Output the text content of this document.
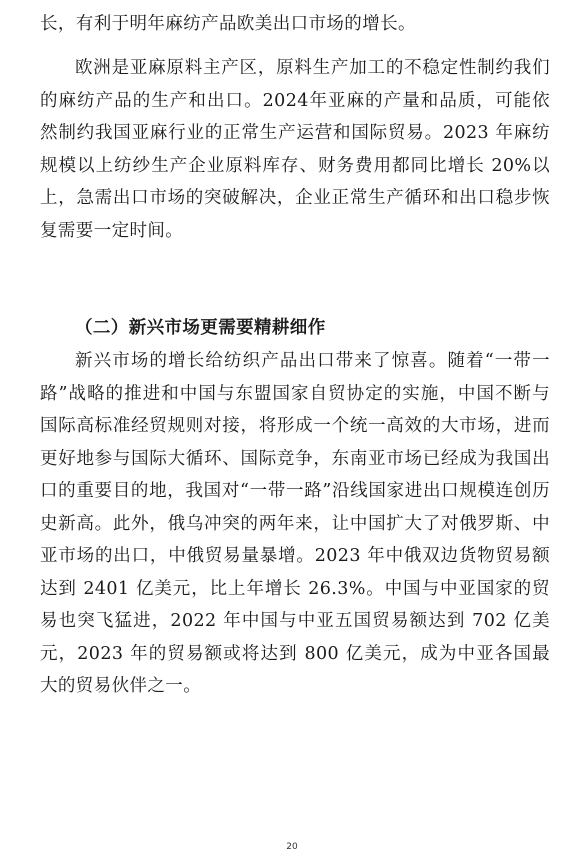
长，有利于明年麻纺产品欧美出口市场的增长。

欧洲是亚麻原料主产区，原料生产加工的不稳定性制约我们的麻纺产品的生产和出口。2024年亚麻的产量和品质，可能依然制约我国亚麻行业的正常生产运营和国际贸易。2023 年麻纺规模以上纺纱生产企业原料库存、财务费用都同比增长 20%以上，急需出口市场的突破解决，企业正常生产循环和出口稳步恢复需要一定时间。

（二）新兴市场更需要精耕细作

新兴市场的增长给纺织产品出口带来了惊喜。随着“一带一路”战略的推进和中国与东盟国家自贸协定的实施，中国不断与国际高标准经贸规则对接，将形成一个统一高效的大市场，进而更好地参与国际大循环、国际竞争，东南亚市场已经成为我国出口的重要目的地，我国对“一带一路”沿线国家进出口规模连创历史新高。此外，俄乌冲突的两年来，让中国扩大了对俄罗斯、中亚市场的出口，中俄贸易量暴增。2023 年中俄双边货物贸易额达到 2401 亿美元，比上年增长 26.3%。中国与中亚国家的贸易也突飞猛进，2022 年中国与中亚五国贸易额达到 702 亿美元，2023 年的贸易额或将达到 800 亿美元，成为中亚各国最大的贸易伙伴之一。

20
